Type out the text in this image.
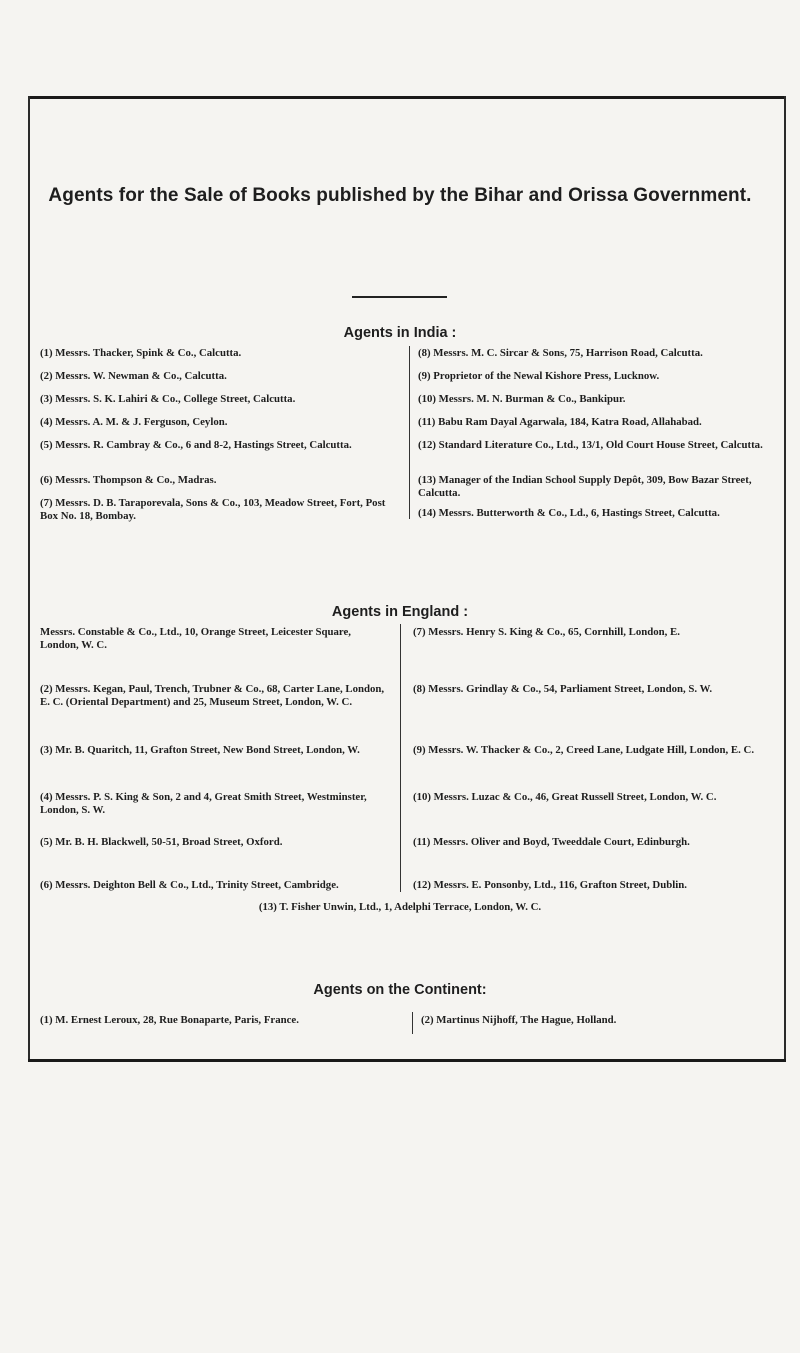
Agents for the Sale of Books published by the Bihar and Orissa Government.
Agents in India :
(1) Messrs. Thacker, Spink & Co., Calcutta.
(2) Messrs. W. Newman & Co., Calcutta.
(3) Messrs. S. K. Lahiri & Co., College Street, Calcutta.
(4) Messrs. A. M. & J. Ferguson, Ceylon.
(5) Messrs. R. Cambray & Co., 6 and 8-2, Hastings Street, Calcutta.
(6) Messrs. Thompson & Co., Madras.
(7) Messrs. D. B. Taraporevala, Sons & Co., 103, Meadow Street, Fort, Post Box No. 18, Bombay.
(8) Messrs. M. C. Sircar & Sons, 75, Harrison Road, Calcutta.
(9) Proprietor of the Newal Kishore Press, Lucknow.
(10) Messrs. M. N. Burman & Co., Bankipur.
(11) Babu Ram Dayal Agarwala, 184, Katra Road, Allahabad.
(12) Standard Literature Co., Ltd., 13/1, Old Court House Street, Calcutta.
(13) Manager of the Indian School Supply Depôt, 309, Bow Bazar Street, Calcutta.
(14) Messrs. Butterworth & Co., Ld., 6, Hastings Street, Calcutta.
Agents in England :
Messrs. Constable & Co., Ltd., 10, Orange Street, Leicester Square, London, W. C.
(2) Messrs. Kegan, Paul, Trench, Trubner & Co., 68, Carter Lane, London, E. C. (Oriental Department) and 25, Museum Street, London, W. C.
(3) Mr. B. Quaritch, 11, Grafton Street, New Bond Street, London, W.
(4) Messrs. P. S. King & Son, 2 and 4, Great Smith Street, Westminster, London, S. W.
(5) Mr. B. H. Blackwell, 50-51, Broad Street, Oxford.
(6) Messrs. Deighton Bell & Co., Ltd., Trinity Street, Cambridge.
(7) Messrs. Henry S. King & Co., 65, Cornhill, London, E.
(8) Messrs. Grindlay & Co., 54, Parliament Street, London, S. W.
(9) Messrs. W. Thacker & Co., 2, Creed Lane, Ludgate Hill, London, E. C.
(10) Messrs. Luzac & Co., 46, Great Russell Street, London, W. C.
(11) Messrs. Oliver and Boyd, Tweeddale Court, Edinburgh.
(12) Messrs. E. Ponsonby, Ltd., 116, Grafton Street, Dublin.
(13) T. Fisher Unwin, Ltd., 1, Adelphi Terrace, London, W. C.
Agents on the Continent:
(1) M. Ernest Leroux, 28, Rue Bonaparte, Paris, France.	(2) Martinus Nijhoff, The Hague, Holland.
